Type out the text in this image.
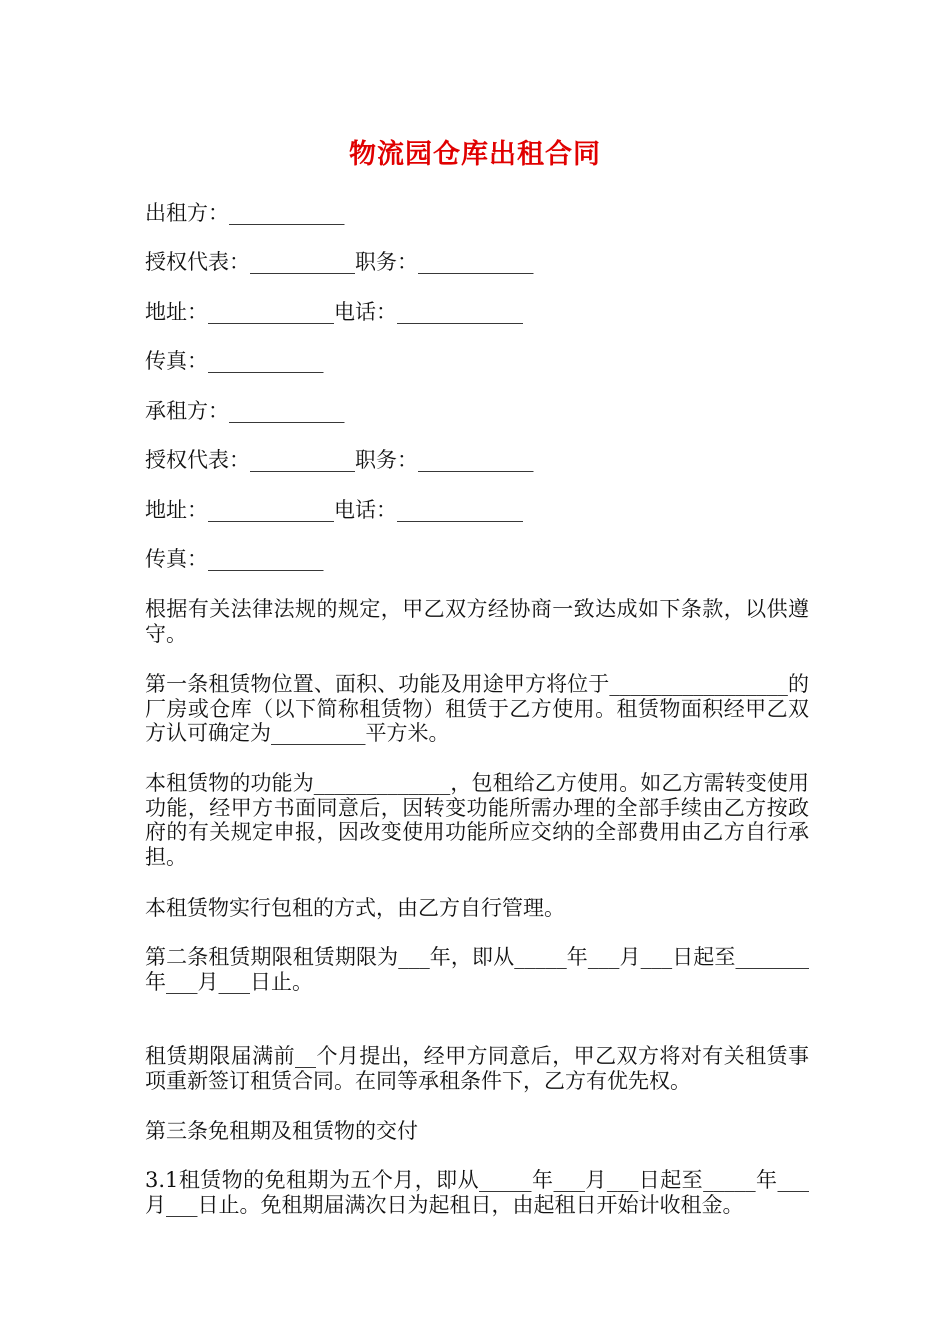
物流园仓库出租合同
出租方：___________
授权代表：__________职务：___________
地址：____________电话：____________
传真：___________
承租方：___________
授权代表：__________职务：___________
地址：____________电话：____________
传真：___________
根据有关法律法规的规定，甲乙双方经协商一致达成如下条款，以供遵守。
第一条租赁物位置、面积、功能及用途甲方将位于_________________的厂房或仓库（以下简称租赁物）租赁于乙方使用。租赁物面积经甲乙双方认可确定为_________平方米。
本租赁物的功能为_____________，包租给乙方使用。如乙方需转变使用功能，经甲方书面同意后，因转变功能所需办理的全部手续由乙方按政府的有关规定申报，因改变使用功能所应交纳的全部费用由乙方自行承担。
本租赁物实行包租的方式，由乙方自行管理。
第二条租赁期限租赁期限为___年，即从_____年___月___日起至_______年___月___日止。
租赁期限届满前__个月提出，经甲方同意后，甲乙双方将对有关租赁事项重新签订租赁合同。在同等承租条件下，乙方有优先权。
第三条免租期及租赁物的交付
3.1租赁物的免租期为五个月，即从_____年___月___日起至_____年___月___日止。免租期届满次日为起租日，由起租日开始计收租金。
